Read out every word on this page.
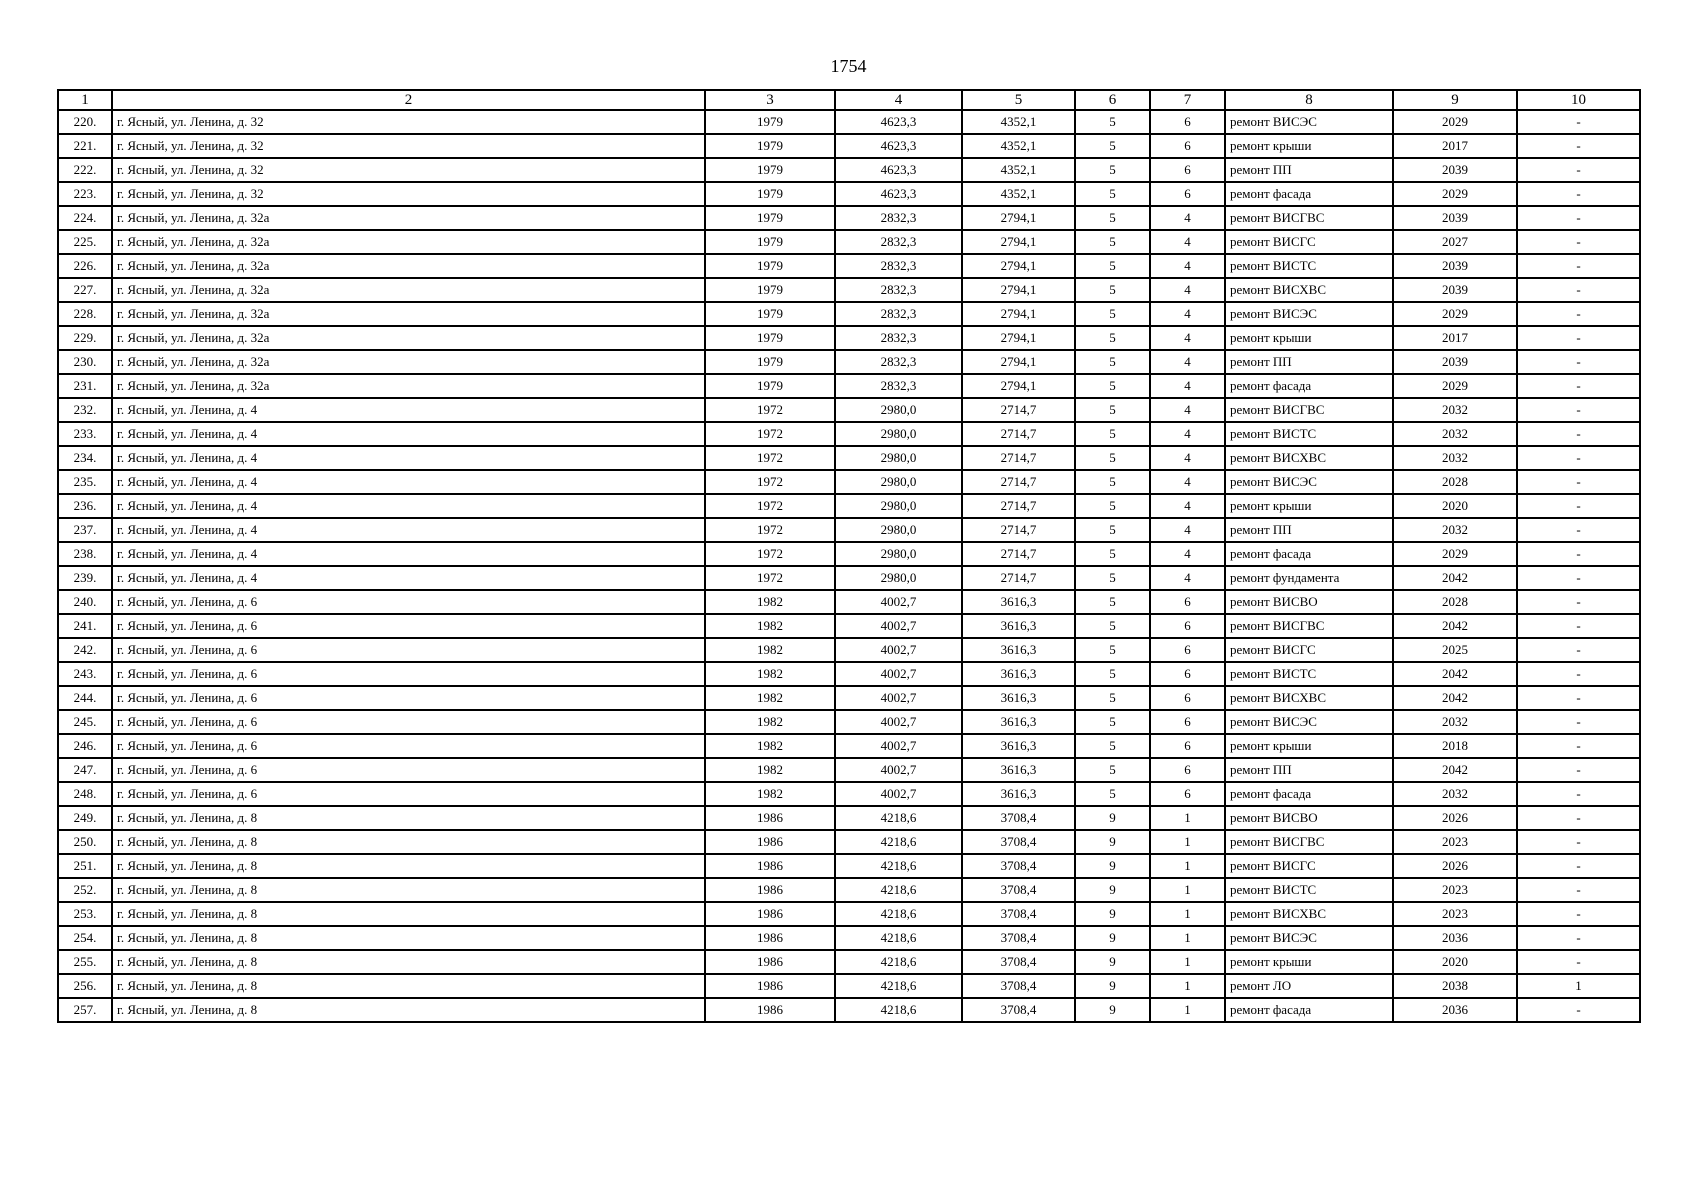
1754
1	2	3	4	5	6	7	8	9	10
220.	г. Ясный, ул. Ленина, д. 32	1979	4623,3	4352,1	5	6	ремонт ВИСЭС	2029	-
221.	г. Ясный, ул. Ленина, д. 32	1979	4623,3	4352,1	5	6	ремонт крыши	2017	-
222.	г. Ясный, ул. Ленина, д. 32	1979	4623,3	4352,1	5	6	ремонт ПП	2039	-
223.	г. Ясный, ул. Ленина, д. 32	1979	4623,3	4352,1	5	6	ремонт фасада	2029	-
224.	г. Ясный, ул. Ленина, д. 32а	1979	2832,3	2794,1	5	4	ремонт ВИСГВС	2039	-
225.	г. Ясный, ул. Ленина, д. 32а	1979	2832,3	2794,1	5	4	ремонт ВИСГС	2027	-
226.	г. Ясный, ул. Ленина, д. 32а	1979	2832,3	2794,1	5	4	ремонт ВИСТС	2039	-
227.	г. Ясный, ул. Ленина, д. 32а	1979	2832,3	2794,1	5	4	ремонт ВИСХВС	2039	-
228.	г. Ясный, ул. Ленина, д. 32а	1979	2832,3	2794,1	5	4	ремонт ВИСЭС	2029	-
229.	г. Ясный, ул. Ленина, д. 32а	1979	2832,3	2794,1	5	4	ремонт крыши	2017	-
230.	г. Ясный, ул. Ленина, д. 32а	1979	2832,3	2794,1	5	4	ремонт ПП	2039	-
231.	г. Ясный, ул. Ленина, д. 32а	1979	2832,3	2794,1	5	4	ремонт фасада	2029	-
232.	г. Ясный, ул. Ленина, д. 4	1972	2980,0	2714,7	5	4	ремонт ВИСГВС	2032	-
233.	г. Ясный, ул. Ленина, д. 4	1972	2980,0	2714,7	5	4	ремонт ВИСТС	2032	-
234.	г. Ясный, ул. Ленина, д. 4	1972	2980,0	2714,7	5	4	ремонт ВИСХВС	2032	-
235.	г. Ясный, ул. Ленина, д. 4	1972	2980,0	2714,7	5	4	ремонт ВИСЭС	2028	-
236.	г. Ясный, ул. Ленина, д. 4	1972	2980,0	2714,7	5	4	ремонт крыши	2020	-
237.	г. Ясный, ул. Ленина, д. 4	1972	2980,0	2714,7	5	4	ремонт ПП	2032	-
238.	г. Ясный, ул. Ленина, д. 4	1972	2980,0	2714,7	5	4	ремонт фасада	2029	-
239.	г. Ясный, ул. Ленина, д. 4	1972	2980,0	2714,7	5	4	ремонт фундамента	2042	-
240.	г. Ясный, ул. Ленина, д. 6	1982	4002,7	3616,3	5	6	ремонт ВИСВО	2028	-
241.	г. Ясный, ул. Ленина, д. 6	1982	4002,7	3616,3	5	6	ремонт ВИСГВС	2042	-
242.	г. Ясный, ул. Ленина, д. 6	1982	4002,7	3616,3	5	6	ремонт ВИСГС	2025	-
243.	г. Ясный, ул. Ленина, д. 6	1982	4002,7	3616,3	5	6	ремонт ВИСТС	2042	-
244.	г. Ясный, ул. Ленина, д. 6	1982	4002,7	3616,3	5	6	ремонт ВИСХВС	2042	-
245.	г. Ясный, ул. Ленина, д. 6	1982	4002,7	3616,3	5	6	ремонт ВИСЭС	2032	-
246.	г. Ясный, ул. Ленина, д. 6	1982	4002,7	3616,3	5	6	ремонт крыши	2018	-
247.	г. Ясный, ул. Ленина, д. 6	1982	4002,7	3616,3	5	6	ремонт ПП	2042	-
248.	г. Ясный, ул. Ленина, д. 6	1982	4002,7	3616,3	5	6	ремонт фасада	2032	-
249.	г. Ясный, ул. Ленина, д. 8	1986	4218,6	3708,4	9	1	ремонт ВИСВО	2026	-
250.	г. Ясный, ул. Ленина, д. 8	1986	4218,6	3708,4	9	1	ремонт ВИСГВС	2023	-
251.	г. Ясный, ул. Ленина, д. 8	1986	4218,6	3708,4	9	1	ремонт ВИСГС	2026	-
252.	г. Ясный, ул. Ленина, д. 8	1986	4218,6	3708,4	9	1	ремонт ВИСТС	2023	-
253.	г. Ясный, ул. Ленина, д. 8	1986	4218,6	3708,4	9	1	ремонт ВИСХВС	2023	-
254.	г. Ясный, ул. Ленина, д. 8	1986	4218,6	3708,4	9	1	ремонт ВИСЭС	2036	-
255.	г. Ясный, ул. Ленина, д. 8	1986	4218,6	3708,4	9	1	ремонт крыши	2020	-
256.	г. Ясный, ул. Ленина, д. 8	1986	4218,6	3708,4	9	1	ремонт ЛО	2038	1
257.	г. Ясный, ул. Ленина, д. 8	1986	4218,6	3708,4	9	1	ремонт фасада	2036	-
